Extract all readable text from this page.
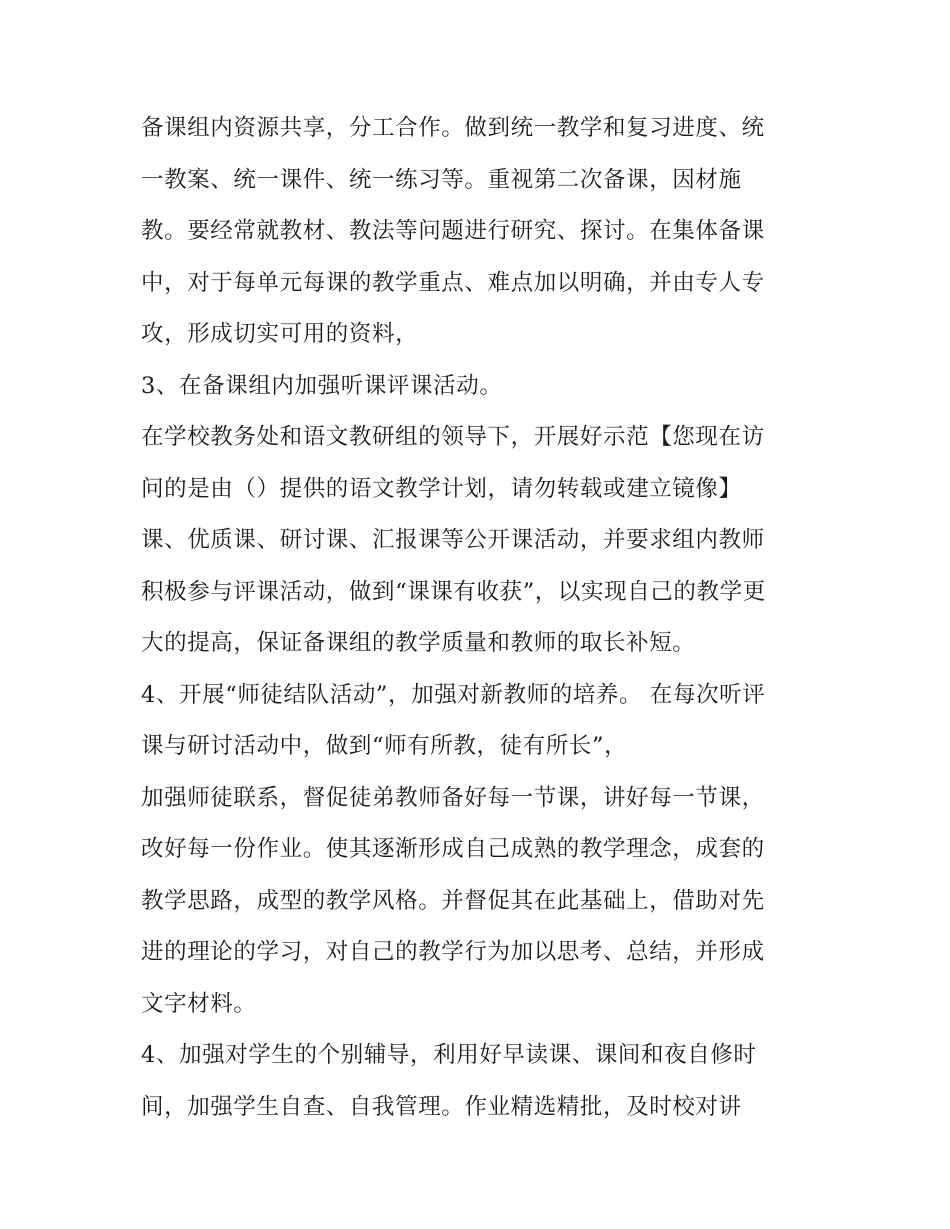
备课组内资源共享，分工合作。做到统一教学和复习进度、统
一教案、统一课件、统一练习等。重视第二次备课，因材施
教。要经常就教材、教法等问题进行研究、探讨。在集体备课
中，对于每单元每课的教学重点、难点加以明确，并由专人专
攻，形成切实可用的资料，
3、在备课组内加强听课评课活动。
在学校教务处和语文教研组的领导下，开展好示范【您现在访
问的是由（）提供的语文教学计划，请勿转载或建立镜像】
课、优质课、研讨课、汇报课等公开课活动，并要求组内教师
积极参与评课活动，做到“课课有收获”，以实现自己的教学更
大的提高，保证备课组的教学质量和教师的取长补短。
4、开展“师徒结队活动”，加强对新教师的培养。 在每次听评
课与研讨活动中，做到“师有所教，徒有所长”，
加强师徒联系，督促徒弟教师备好每一节课，讲好每一节课，
改好每一份作业。使其逐渐形成自己成熟的教学理念，成套的
教学思路，成型的教学风格。并督促其在此基础上，借助对先
进的理论的学习，对自己的教学行为加以思考、总结，并形成
文字材料。
4、加强对学生的个别辅导，利用好早读课、课间和夜自修时
间，加强学生自查、自我管理。作业精选精批，及时校对讲
